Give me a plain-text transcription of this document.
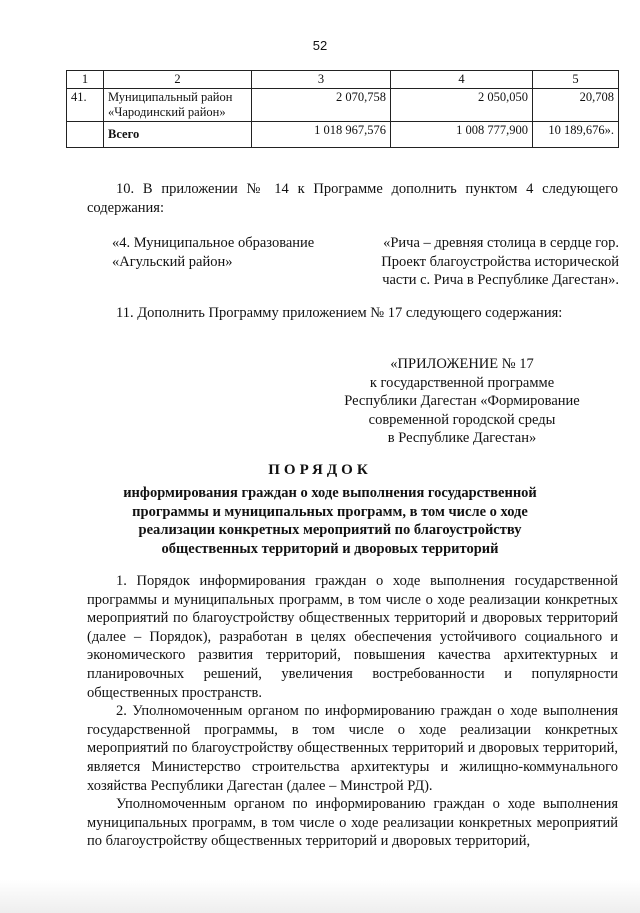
52
1	2	3	4	5
41.	Муниципальный район «Чародинский район»	2 070,758	2 050,050	20,708
	Всего	1 018 967,576	1 008 777,900	10 189,676».
10. В приложении № 14 к Программе дополнить пунктом 4 следующего содержания:
«4. Муниципальное образование «Агульский район»
«Рича – древняя столица в сердце гор. Проект благоустройства исторической части с. Рича в Республике Дагестан».
11. Дополнить Программу приложением № 17 следующего содержания:
«ПРИЛОЖЕНИЕ № 17
к государственной программе
Республики Дагестан «Формирование
современной городской среды
в Республике Дагестан»
ПОРЯДОК
информирования граждан о ходе выполнения государственной программы и муниципальных программ, в том числе о ходе реализации конкретных мероприятий по благоустройству общественных территорий и дворовых территорий

1. Порядок информирования граждан о ходе выполнения государственной программы и муниципальных программ, в том числе о ходе реализации конкретных мероприятий по благоустройству общественных территорий и дворовых территорий (далее – Порядок), разработан в целях обеспечения устойчивого социального и экономического развития территорий, повышения качества архитектурных и планировочных решений, увеличения востребованности и популярности общественных пространств.

2. Уполномоченным органом по информированию граждан о ходе выполнения государственной программы, в том числе о ходе реализации конкретных мероприятий по благоустройству общественных территорий и дворовых территорий, является Министерство строительства архитектуры и жилищно-коммунального хозяйства Республики Дагестан (далее – Минстрой РД).

Уполномоченным органом по информированию граждан о ходе выполнения муниципальных программ, в том числе о ходе реализации конкретных мероприятий по благоустройству общественных территорий и дворовых территорий,
